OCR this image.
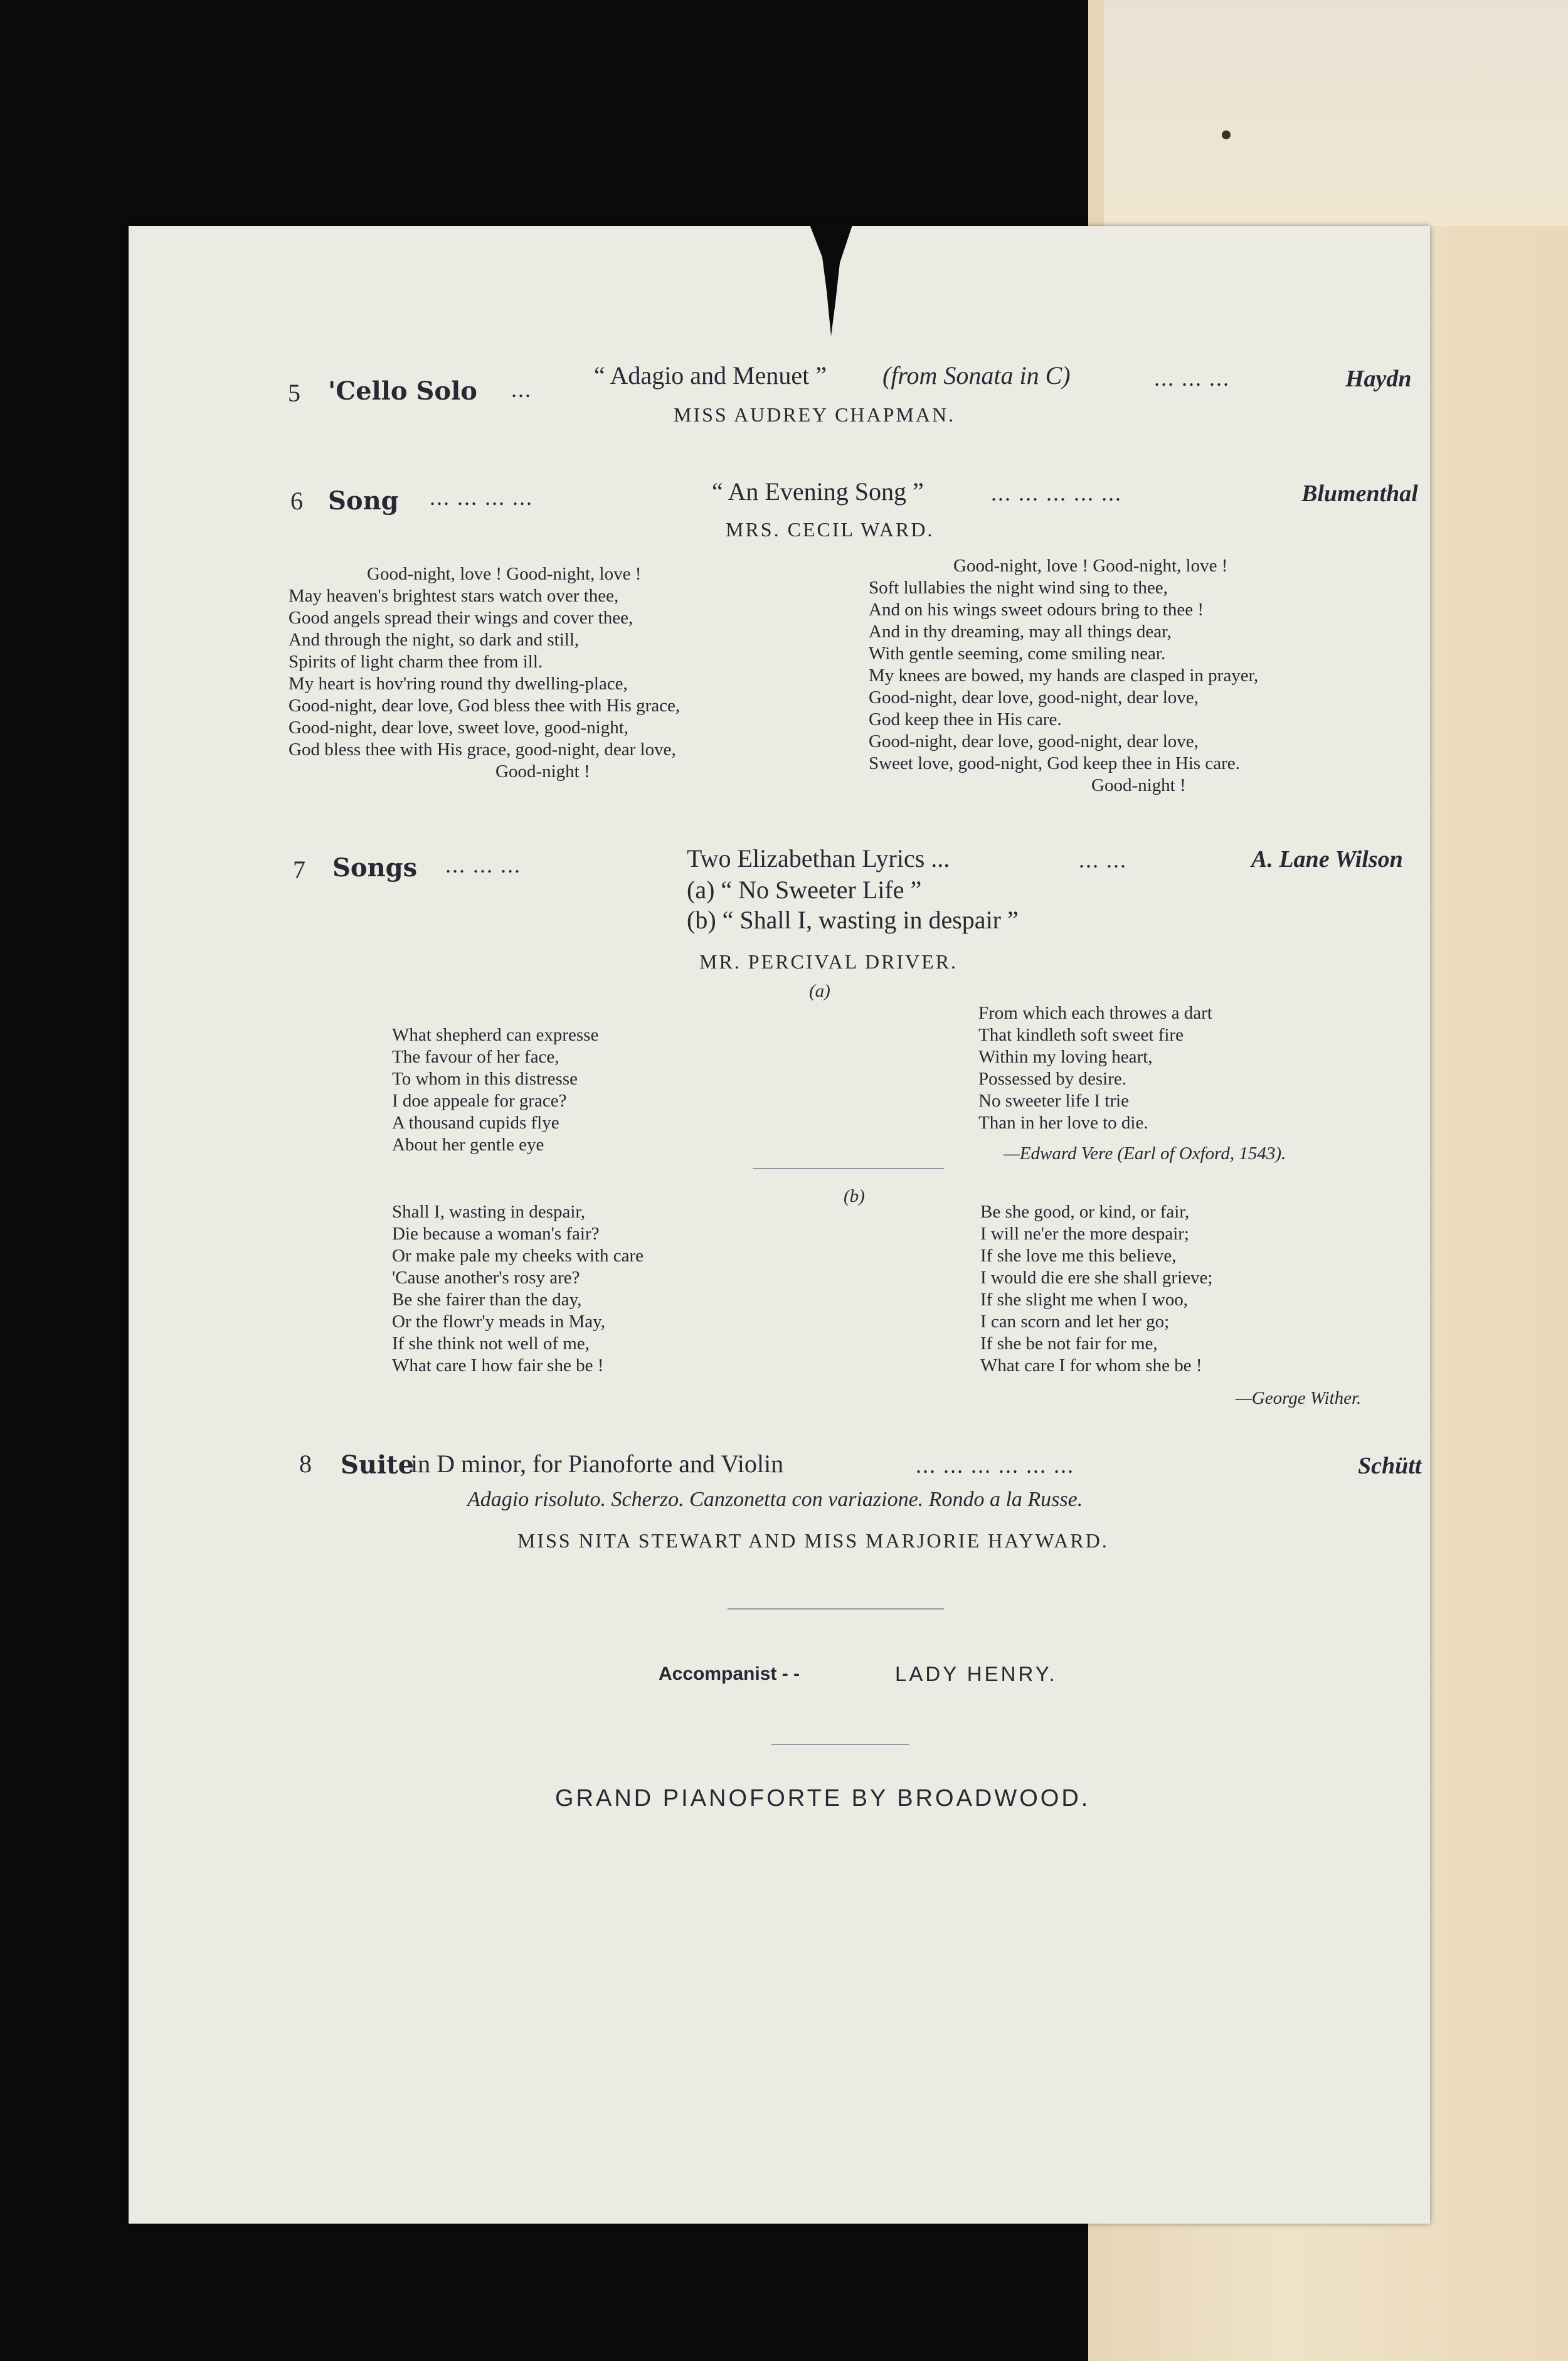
5 'Cello Solo ... “ Adagio and Menuet ” (from Sonata in C)	... ... ...	Haydn
MISS AUDREY CHAPMAN.
6 Song ... ... ... ...	“ An Evening Song ”	... ... ... ... ...	Blumenthal
MRS. CECIL WARD.
Good-night, love ! Good-night, love !
May heaven's brightest stars watch over thee,
Good angels spread their wings and cover thee,
And through the night, so dark and still,
Spirits of light charm thee from ill.
My heart is hov'ring round thy dwelling-place,
Good-night, dear love, God bless thee with His grace,
Good-night, dear love, sweet love, good-night,
God bless thee with His grace, good-night, dear love,
Good-night !
Good-night, love ! Good-night, love !
Soft lullabies the night wind sing to thee,
And on his wings sweet odours bring to thee !
And in thy dreaming, may all things dear,
With gentle seeming, come smiling near.
My knees are bowed, my hands are clasped in prayer,
Good-night, dear love, good-night, dear love,
God keep thee in His care.
Good-night, dear love, good-night, dear love,
Sweet love, good-night, God keep thee in His care.
Good-night !
7 Songs ... ... ...	Two Elizabethan Lyrics ...	... ...	A. Lane Wilson
(a) “ No Sweeter Life ”
(b) “ Shall I, wasting in despair ”
MR. PERCIVAL DRIVER.
(a)
What shepherd can expresse
The favour of her face,
To whom in this distresse
I doe appeale for grace?
A thousand cupids flye
About her gentle eye
From which each throwes a dart
That kindleth soft sweet fire
Within my loving heart,
Possessed by desire.
No sweeter life I trie
Than in her love to die.
—Edward Vere (Earl of Oxford, 1543).
(b)
Shall I, wasting in despair,
Die because a woman's fair?
Or make pale my cheeks with care
'Cause another's rosy are?
Be she fairer than the day,
Or the flowr'y meads in May,
If she think not well of me,
What care I how fair she be !
Be she good, or kind, or fair,
I will ne'er the more despair;
If she love me this believe,
I would die ere she shall grieve;
If she slight me when I woo,
I can scorn and let her go;
If she be not fair for me,
What care I for whom she be !
—George Wither.
8 Suite
in D minor, for Pianoforte and Violin	... ... ... ... ... ...	Schütt
Adagio risoluto. Scherzo. Canzonetta con variazione. Rondo a la Russe.
MISS NITA STEWART AND MISS MARJORIE HAYWARD.
Accompanist - -	LADY HENRY.
GRAND PIANOFORTE BY BROADWOOD.
